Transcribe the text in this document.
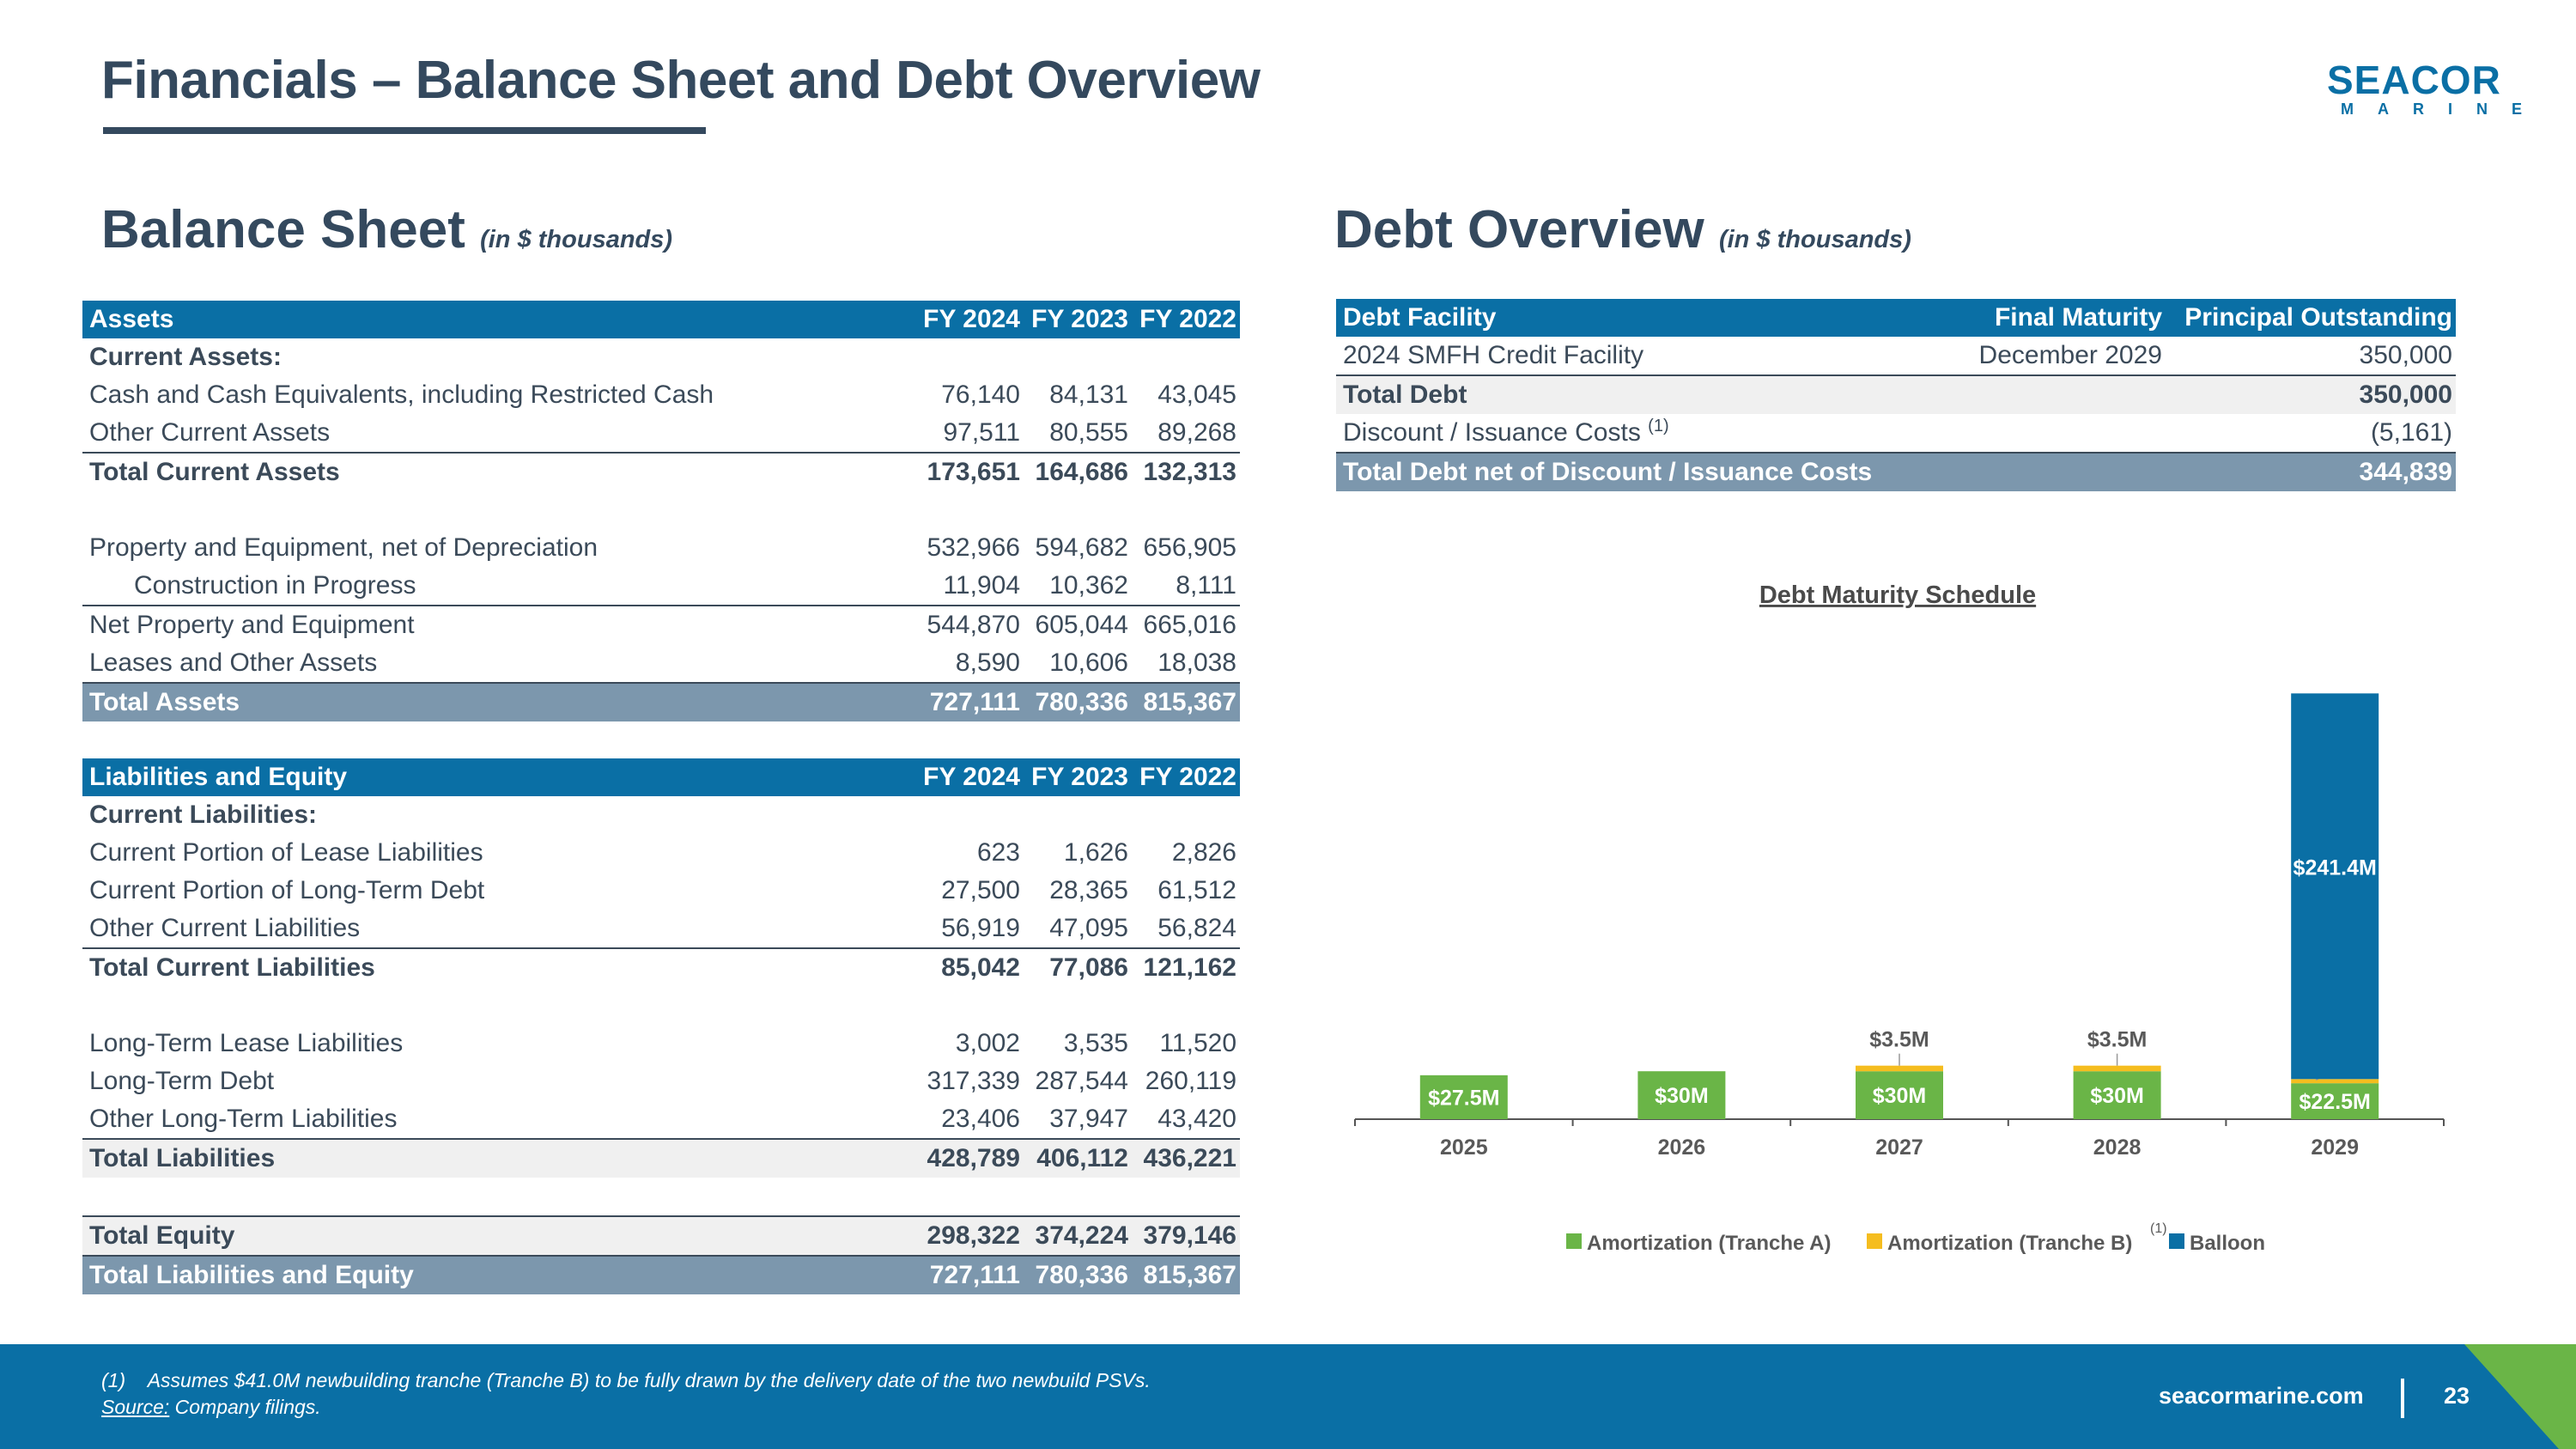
Financials – Balance Sheet and Debt Overview	SEACOR
MARINE
Balance Sheet (in $ thousands)	Debt Overview (in $ thousands)
Assets	FY 2024	FY 2023	FY 2022
Current Assets:			
Cash and Cash Equivalents, including Restricted Cash	76,140	84,131	43,045
Other Current Assets	97,511	80,555	89,268
Total Current Assets	173,651	164,686	132,313

Property and Equipment, net of Depreciation	532,966	594,682	656,905
Construction in Progress	11,904	10,362	8,111
Net Property and Equipment	544,870	605,044	665,016
Leases and Other Assets	8,590	10,606	18,038
Total Assets	727,111	780,336	815,367
Liabilities and Equity	FY 2024	FY 2023	FY 2022
Current Liabilities:			
Current Portion of Lease Liabilities	623	1,626	2,826
Current Portion of Long-Term Debt	27,500	28,365	61,512
Other Current Liabilities	56,919	47,095	56,824
Total Current Liabilities	85,042	77,086	121,162

Long-Term Lease Liabilities	3,002	3,535	11,520
Long-Term Debt	317,339	287,544	260,119
Other Long-Term Liabilities	23,406	37,947	43,420
Total Liabilities	428,789	406,112	436,221

Total Equity	298,322	374,224	379,146
Total Liabilities and Equity	727,111	780,336	815,367
Debt Facility	Final Maturity	Principal Outstanding
2024 SMFH Credit Facility	December 2029	350,000
Total Debt		350,000
Discount / Issuance Costs $^{(1)}$		(5,161)
Total Debt net of Discount / Issuance Costs		344,839
Debt Maturity Schedule
$27.5M
2025
$30M
2026
$30M
$3.5M
2027
$30M
$3.5M
2028
$22.5M
$241.4M
2029
Amortization (Tranche A)	Amortization (Tranche B)
(1)
Balloon
(1) Assumes $41.0M newbuilding tranche (Tranche B) to be fully drawn by the delivery date of the two newbuild PSVs.
Source: Company filings.	seacormarine.com	23
